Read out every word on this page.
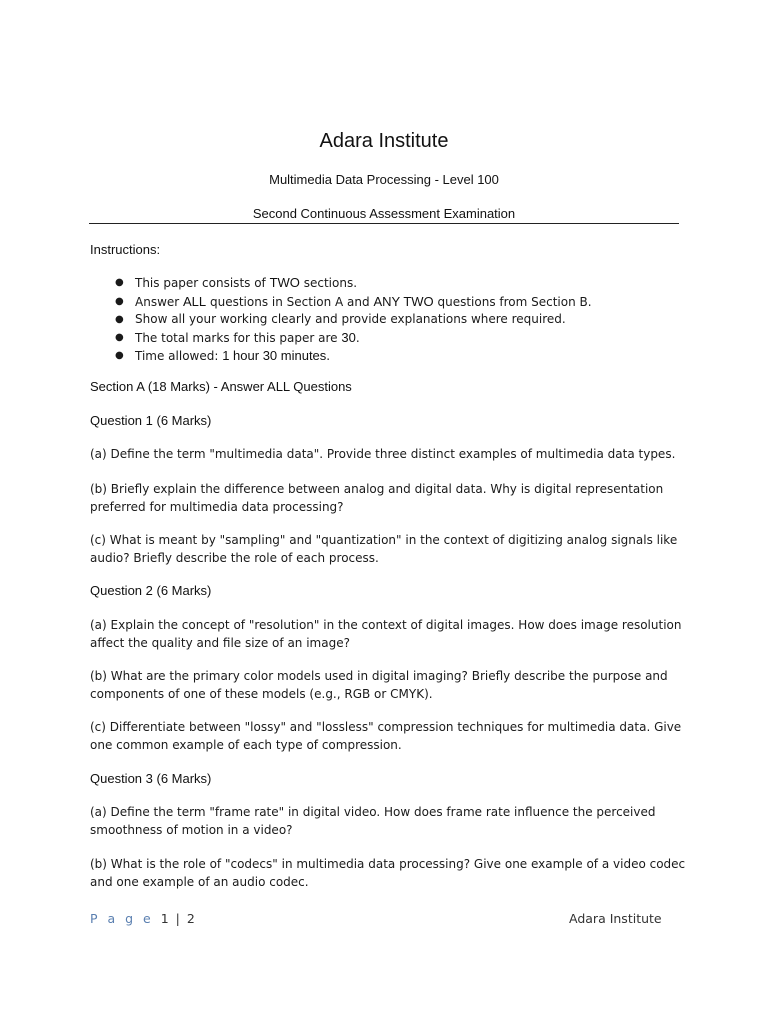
Adara Institute
Multimedia Data Processing - Level 100
Second Continuous Assessment Examination
Instructions:
● This paper consists of TWO sections.
● Answer ALL questions in Section A and ANY TWO questions from Section B.
● Show all your working clearly and provide explanations where required.
● The total marks for this paper are 30.
● Time allowed: 1 hour 30 minutes.
Section A (18 Marks) - Answer ALL Questions
Question 1 (6 Marks)
(a) Define the term "multimedia data". Provide three distinct examples of multimedia data types.
(b) Briefly explain the difference between analog and digital data. Why is digital representation preferred for multimedia data processing?
(c) What is meant by "sampling" and "quantization" in the context of digitizing analog signals like audio? Briefly describe the role of each process.
Question 2 (6 Marks)
(a) Explain the concept of "resolution" in the context of digital images. How does image resolution affect the quality and file size of an image?
(b) What are the primary color models used in digital imaging? Briefly describe the purpose and components of one of these models (e.g., RGB or CMYK).
(c) Differentiate between "lossy" and "lossless" compression techniques for multimedia data. Give one common example of each type of compression.
Question 3 (6 Marks)
(a) Define the term "frame rate" in digital video. How does frame rate influence the perceived smoothness of motion in a video?
(b) What is the role of "codecs" in multimedia data processing? Give one example of a video codec and one example of an audio codec.
P a g e 1 | 2	Adara Institute
